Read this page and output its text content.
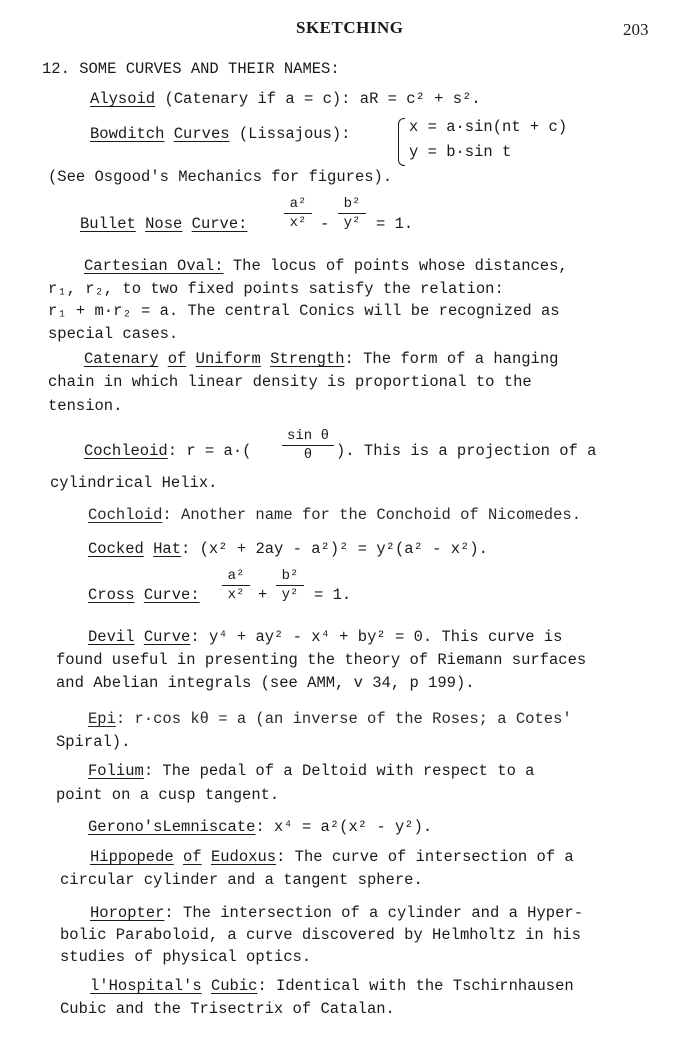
SKETCHING	203
12. SOME CURVES AND THEIR NAMES:
Alysoid (Catenary if a = c): aR = c² + s².
Bowditch Curves (Lissajous):	x = a·sin(nt + c)
y = b·sin t
(See Osgood's Mechanics for figures).
Bullet Nose Curve:
a²
x² -
b²
y²	= 1.
Cartesian Oval: The locus of points whose distances,
r₁, r₂, to two fixed points satisfy the relation:
r₁ + m·r₂ = a. The central Conics will be recognized as
special cases.
Catenary of Uniform Strength: The form of a hanging
chain in which linear density is proportional to the
tension.
Cochleoid: r = a·(
sin θ
θ	). This is a projection of a
cylindrical Helix.
Cochloid: Another name for the Conchoid of Nicomedes.
Cocked Hat: (x² + 2ay - a²)² = y²(a² - x²).
Cross Curve:
a²
x² +
b²
y²	= 1.
Devil Curve: y⁴ + ay² - x⁴ + by² = 0. This curve is
found useful in presenting the theory of Riemann surfaces
and Abelian integrals (see AMM, v 34, p 199).
Epi: r·cos kθ = a (an inverse of the Roses; a Cotes'
Spiral).
Folium: The pedal of a Deltoid with respect to a
point on a cusp tangent.
Gerono'sLemniscate: x⁴ = a²(x² - y²).
Hippopede of Eudoxus: The curve of intersection of a
circular cylinder and a tangent sphere.
Horopter: The intersection of a cylinder and a Hyper-
bolic Paraboloid, a curve discovered by Helmholtz in his
studies of physical optics.
l'Hospital's Cubic: Identical with the Tschirnhausen
Cubic and the Trisectrix of Catalan.
